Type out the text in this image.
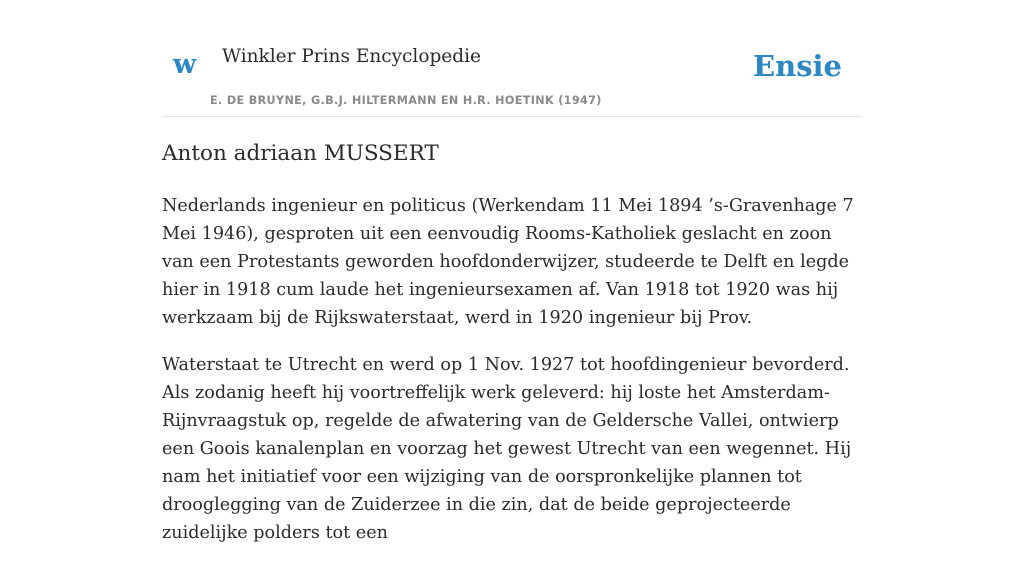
w Winkler Prins Encyclopedie
E. DE BRUYNE, G.B.J. HILTERMANN EN H.R. HOETINK (1947)
Ensie
Anton adriaan MUSSERT

Nederlands ingenieur en politicus (Werkendam 11 Mei 1894 ’s-Gravenhage 7 Mei 1946), gesproten uit een eenvoudig Rooms-Katholiek geslacht en zoon van een Protestants geworden hoofdonderwijzer, studeerde te Delft en legde hier in 1918 cum laude het ingenieursexamen af. Van 1918 tot 1920 was hij werkzaam bij de Rijkswaterstaat, werd in 1920 ingenieur bij Prov.

Waterstaat te Utrecht en werd op 1 Nov. 1927 tot hoofdingenieur bevorderd. Als zodanig heeft hij voortreffelijk werk geleverd: hij loste het Amsterdam-Rijnvraagstuk op, regelde de afwatering van de Geldersche Vallei, ontwierp een Goois kanalenplan en voorzag het gewest Utrecht van een wegennet. Hij nam het initiatief voor een wijziging van de oorspronkelijke plannen tot drooglegging van de Zuiderzee in die zin, dat de beide geprojecteerde zuidelijke polders tot een
